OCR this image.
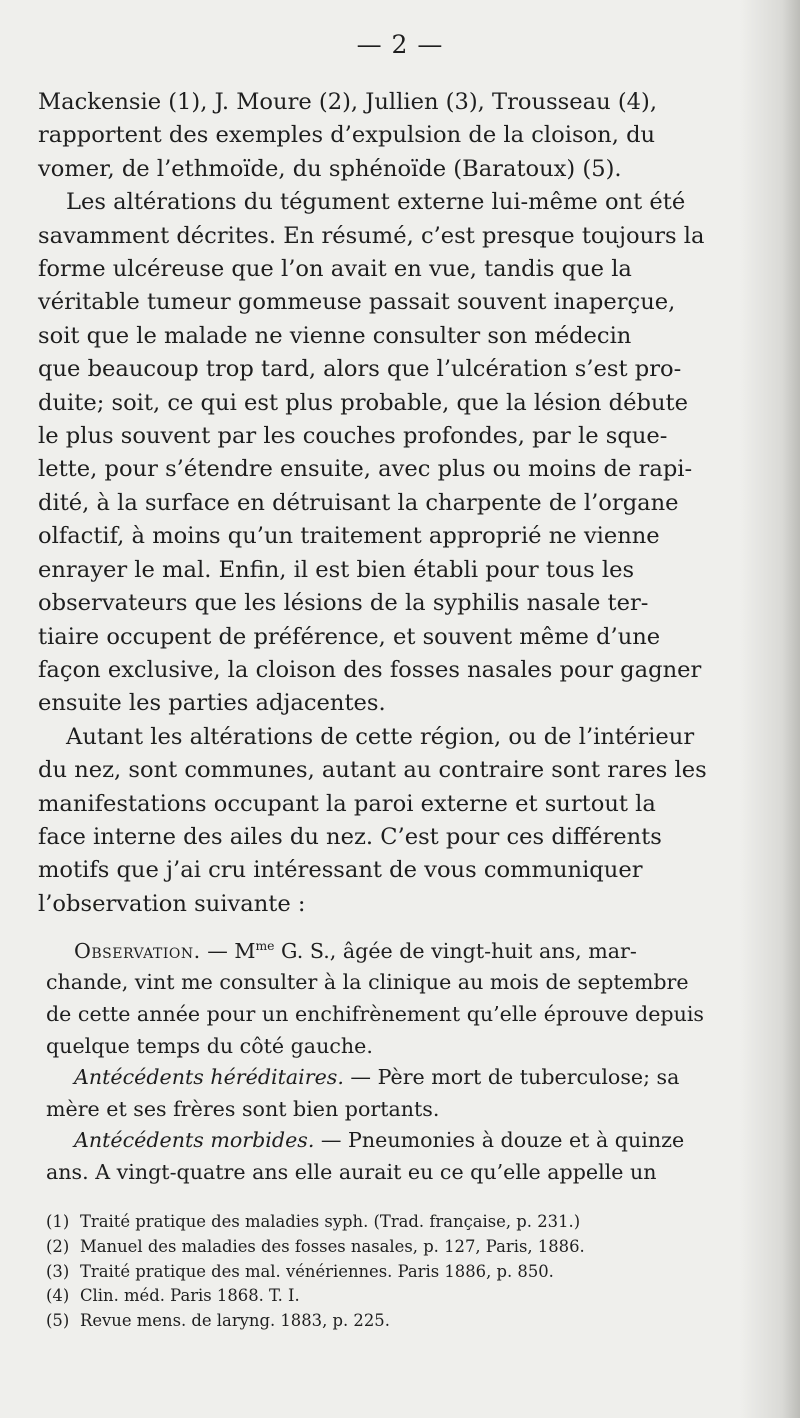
— 2 —

Mackensie (1), J. Moure (2), Jullien (3), Trousseau (4),
rapportent des exemples d’expulsion de la cloison, du
vomer, de l’ethmoïde, du sphénoïde (Baratoux) (5).

Les altérations du tégument externe lui-même ont été
savamment décrites. En résumé, c’est presque toujours la
forme ulcéreuse que l’on avait en vue, tandis que la
véritable tumeur gommeuse passait souvent inaperçue,
soit que le malade ne vienne consulter son médecin
que beaucoup trop tard, alors que l’ulcération s’est pro-
duite; soit, ce qui est plus probable, que la lésion débute
le plus souvent par les couches profondes, par le sque-
lette, pour s’étendre ensuite, avec plus ou moins de rapi-
dité, à la surface en détruisant la charpente de l’organe
olfactif, à moins qu’un traitement approprié ne vienne
enrayer le mal. Enfin, il est bien établi pour tous les
observateurs que les lésions de la syphilis nasale ter-
tiaire occupent de préférence, et souvent même d’une
façon exclusive, la cloison des fosses nasales pour gagner
ensuite les parties adjacentes.

Autant les altérations de cette région, ou de l’intérieur
du nez, sont communes, autant au contraire sont rares les
manifestations occupant la paroi externe et surtout la
face interne des ailes du nez. C’est pour ces différents
motifs que j’ai cru intéressant de vous communiquer
l’observation suivante :

Observation. — $M^{me}$ G. S., âgée de vingt-huit ans, mar-
chande, vint me consulter à la clinique au mois de septembre
de cette année pour un enchifrènement qu’elle éprouve depuis
quelque temps du côté gauche.

Antécédents héréditaires. — Père mort de tuberculose; sa
mère et ses frères sont bien portants.

Antécédents morbides. — Pneumonies à douze et à quinze
ans. A vingt-quatre ans elle aurait eu ce qu’elle appelle un

(1) Traité pratique des maladies syph. (Trad. française, p. 231.)
(2) Manuel des maladies des fosses nasales, p. 127, Paris, 1886.
(3) Traité pratique des mal. vénériennes. Paris 1886, p. 850.
(4) Clin. méd. Paris 1868. T. I.
(5) Revue mens. de laryng. 1883, p. 225.
